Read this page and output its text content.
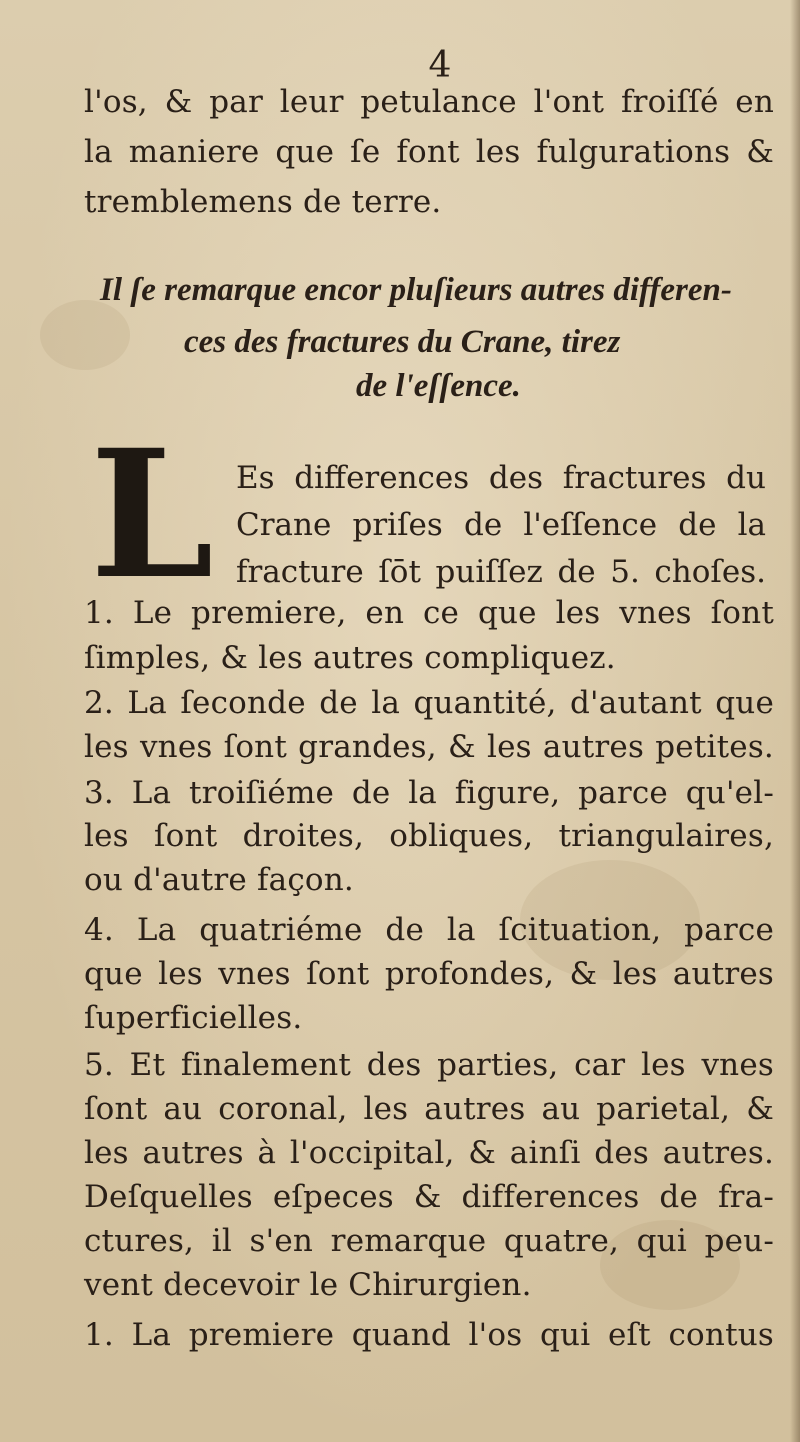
4
l'os, & par leur petulance l'ont froiſſé en
la maniere que ſe font les fulgurations &
tremblemens de terre.
Il ſe remarque encor pluſieurs autres differen-
ces des fractures du Crane, tirez
de l'eſſence.
L Es differences des fractures du
Crane priſes de l'eſſence de la
fracture ſōt puiſſez de 5. choſes.
1. Le premiere, en ce que les vnes ſont
ſimples, & les autres compliquez.
2. La ſeconde de la quantité, d'autant que
les vnes ſont grandes, & les autres petites.
3. La troiſiéme de la figure, parce qu'el-
les ſont droites, obliques, triangulaires,
ou d'autre façon.
4. La quatriéme de la ſcituation, parce
que les vnes ſont profondes, & les autres
ſuperficielles.
5. Et finalement des parties, car les vnes
ſont au coronal, les autres au parietal, &
les autres à l'occipital, & ainſi des autres.
Deſquelles eſpeces & differences de fra-
ctures, il s'en remarque quatre, qui peu-
vent decevoir le Chirurgien.
1. La premiere quand l'os qui eſt contus
